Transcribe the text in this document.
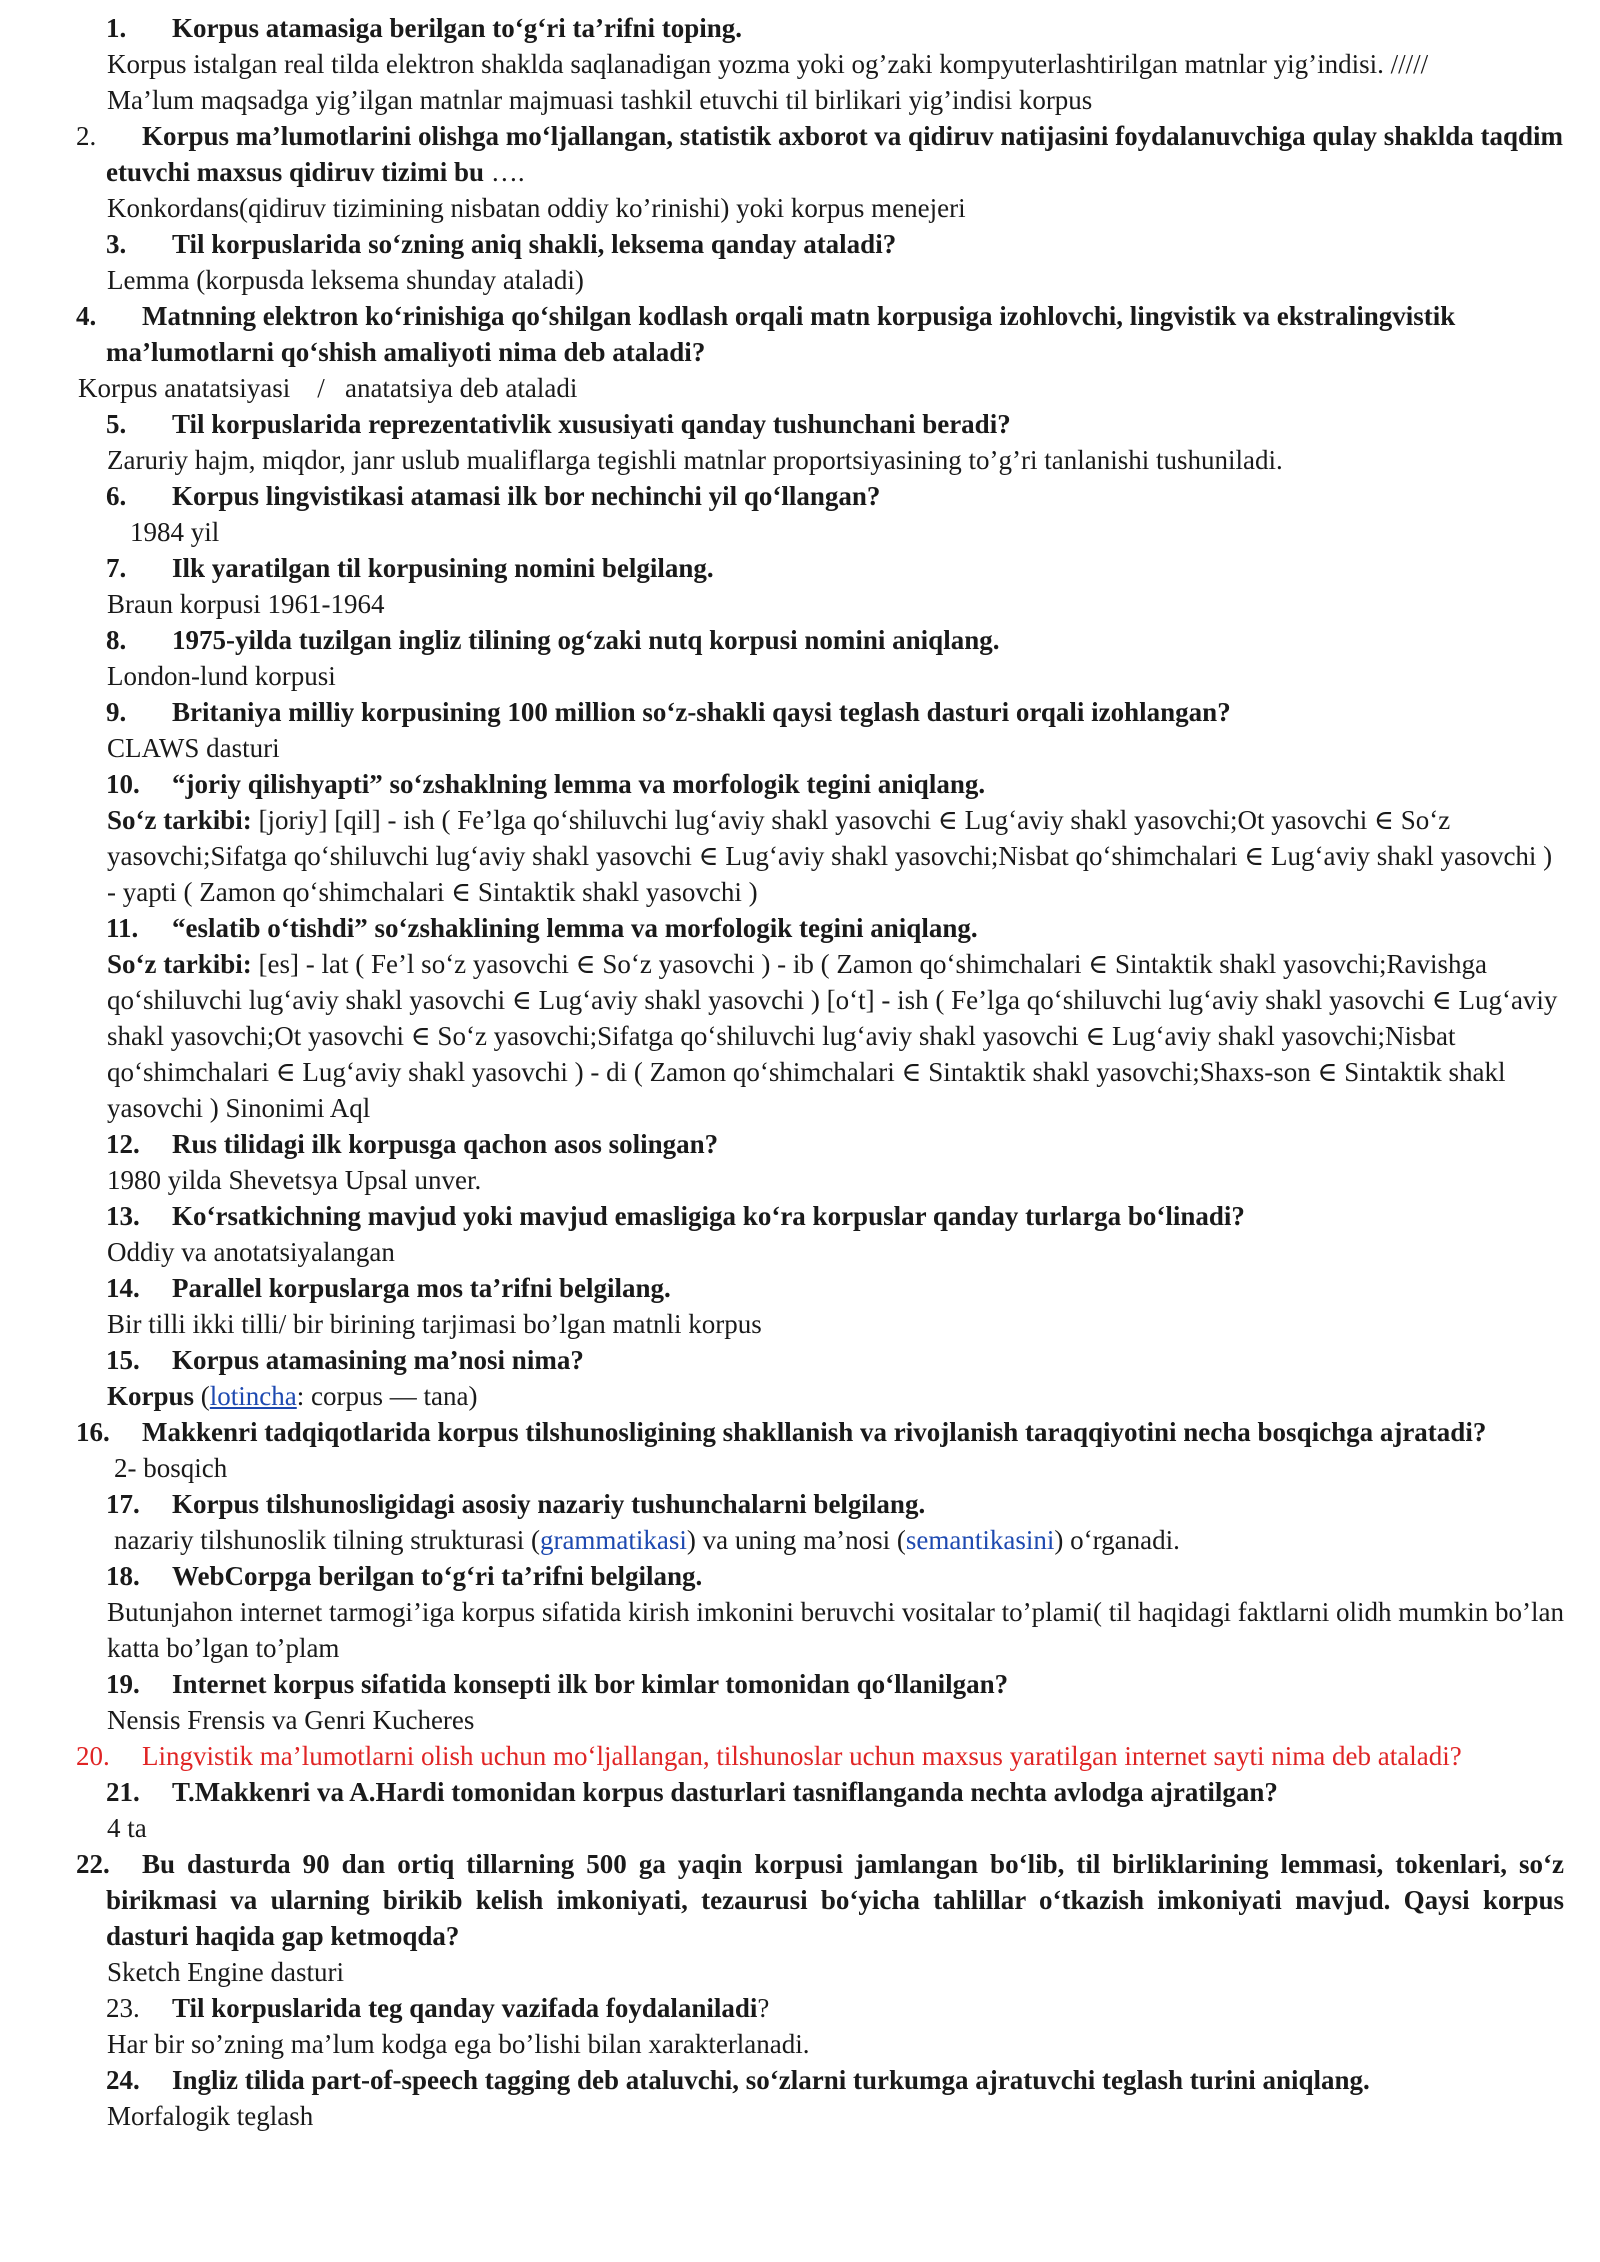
1. Korpus atamasiga berilgan to‘g‘ri ta’rifni toping.
Korpus istalgan real tilda elektron shaklda saqlanadigan yozma yoki og’zaki kompyuterlashtirilgan matnlar yig’indisi. /////
Ma’lum maqsadga yig’ilgan matnlar majmuasi tashkil etuvchi til birlikari yig’indisi korpus
2. Korpus ma’lumotlarini olishga mo‘ljallangan, statistik axborot va qidiruv natijasini foydalanuvchiga qulay shaklda taqdim etuvchi maxsus qidiruv tizimi bu ….
Konkordans(qidiruv tizimining nisbatan oddiy ko’rinishi) yoki korpus menejeri
3. Til korpuslarida so‘zning aniq shakli, leksema qanday ataladi?
Lemma (korpusda leksema shunday ataladi)
4. Matnning elektron ko‘rinishiga qo‘shilgan kodlash orqali matn korpusiga izohlovchi, lingvistik va ekstralingvistik ma’lumotlarni qo‘shish amaliyoti nima deb ataladi?
Korpus anatatsiyasi    /   anatatsiya deb ataladi
5. Til korpuslarida reprezentativlik xususiyati qanday tushunchani beradi?
Zaruriy hajm, miqdor, janr uslub mualiflarga tegishli matnlar proportsiyasining to’g’ri tanlanishi tushuniladi.
6. Korpus lingvistikasi atamasi ilk bor nechinchi yil qo‘llangan?
1984 yil
7. Ilk yaratilgan til korpusining nomini belgilang.
Braun korpusi 1961-1964
8. 1975-yilda tuzilgan ingliz tilining og‘zaki nutq korpusi nomini aniqlang.
London-lund korpusi
9. Britaniya milliy korpusining 100 million so‘z-shakli qaysi teglash dasturi orqali izohlangan?
CLAWS dasturi
10. “joriy qilishyapti” so‘zshaklning lemma va morfologik tegini aniqlang.
So‘z tarkibi: [joriy] [qil] - ish ( Fe’lga qo‘shiluvchi lug‘aviy shakl yasovchi ∈ Lug‘aviy shakl yasovchi;Ot yasovchi ∈ So‘z yasovchi;Sifatga qo‘shiluvchi lug‘aviy shakl yasovchi ∈ Lug‘aviy shakl yasovchi;Nisbat qo‘shimchalari ∈ Lug‘aviy shakl yasovchi ) - yapti ( Zamon qo‘shimchalari ∈ Sintaktik shakl yasovchi )
11. “eslatib o‘tishdi” so‘zshaklining lemma va morfologik tegini aniqlang.
So‘z tarkibi: [es] - lat ( Fe’l so‘z yasovchi ∈ So‘z yasovchi ) - ib ( Zamon qo‘shimchalari ∈ Sintaktik shakl yasovchi;Ravishga qo‘shiluvchi lug‘aviy shakl yasovchi ∈ Lug‘aviy shakl yasovchi ) [o‘t] - ish ( Fe’lga qo‘shiluvchi lug‘aviy shakl yasovchi ∈ Lug‘aviy shakl yasovchi;Ot yasovchi ∈ So‘z yasovchi;Sifatga qo‘shiluvchi lug‘aviy shakl yasovchi ∈ Lug‘aviy shakl yasovchi;Nisbat qo‘shimchalari ∈ Lug‘aviy shakl yasovchi ) - di ( Zamon qo‘shimchalari ∈ Sintaktik shakl yasovchi;Shaxs-son ∈ Sintaktik shakl yasovchi ) Sinonimi Aql
12. Rus tilidagi ilk korpusga qachon asos solingan?
1980 yilda Shevetsya Upsal unver.
13. Ko‘rsatkichning mavjud yoki mavjud emasligiga ko‘ra korpuslar qanday turlarga bo‘linadi?
Oddiy va anotatsiyalangan
14. Parallel korpuslarga mos ta’rifni belgilang.
Bir tilli ikki tilli/ bir birining tarjimasi bo’lgan matnli korpus
15. Korpus atamasining ma’nosi nima?
Korpus (lotincha: corpus — tana)
16. Makkenri tadqiqotlarida korpus tilshunosligining shakllanish va rivojlanish taraqqiyotini necha bosqichga ajratadi?
2- bosqich
17. Korpus tilshunosligidagi asosiy nazariy tushunchalarni belgilang.
nazariy tilshunoslik tilning strukturasi (grammatikasi) va uning ma’nosi (semantikasini) o‘rganadi.
18. WebCorpga berilgan to‘g‘ri ta’rifni belgilang.
Butunjahon internet tarmogi’iga korpus sifatida kirish imkonini beruvchi vositalar to’plami( til haqidagi faktlarni olidh mumkin bo’lan katta bo’lgan to’plam
19. Internet korpus sifatida konsepti ilk bor kimlar tomonidan qo‘llanilgan?
Nensis Frensis va Genri Kucheres
20. Lingvistik ma’lumotlarni olish uchun mo‘ljallangan, tilshunoslar uchun maxsus yaratilgan internet sayti nima deb ataladi?
21. T.Makkenri va A.Hardi tomonidan korpus dasturlari tasniflanganda nechta avlodga ajratilgan?
4 ta
22. Bu dasturda 90 dan ortiq tillarning 500 ga yaqin korpusi jamlangan bo‘lib, til birliklarining lemmasi, tokenlari, so‘z birikmasi va ularning birikib kelish imkoniyati, tezaurusi bo‘yicha tahlillar o‘tkazish imkoniyati mavjud. Qaysi korpus dasturi haqida gap ketmoqda?
Sketch Engine dasturi
23. Til korpuslarida teg qanday vazifada foydalaniladi?
Har bir so’zning ma’lum kodga ega bo’lishi bilan xarakterlanadi.
24. Ingliz tilida part-of-speech tagging deb ataluvchi, so‘zlarni turkumga ajratuvchi teglash turini aniqlang.
Morfalogik teglash
